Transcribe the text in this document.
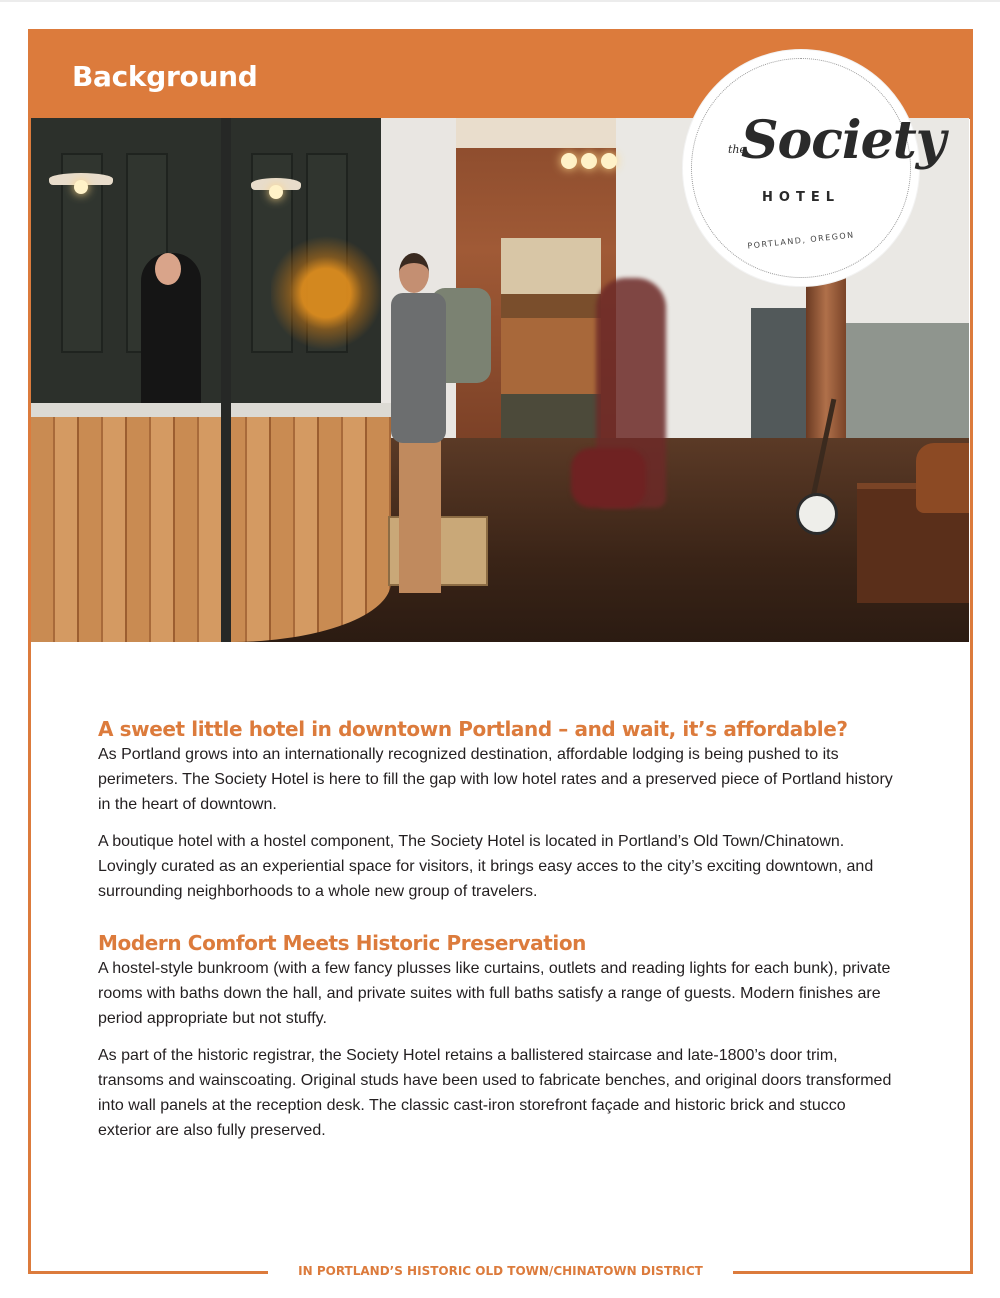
Background
the
Society
HOTEL
PORTLAND, OREGON
A sweet little hotel in downtown Portland – and wait, it’s affordable?

As Portland grows into an internationally recognized destination, affordable lodging is being pushed to its perimeters. The Society Hotel is here to fill the gap with low hotel rates and a preserved piece of Portland history in the heart of downtown.

A boutique hotel with a hostel component, The Society Hotel is located in Portland’s Old Town/Chinatown. Lovingly curated as an experiential space for visitors, it brings easy acces to the city’s exciting downtown, and surrounding neighborhoods to a whole new group of travelers.

Modern Comfort Meets Historic Preservation

A hostel-style bunkroom (with a few fancy plusses like curtains, outlets and reading lights for each bunk), private rooms with baths down the hall, and private suites with full baths satisfy a range of guests. Modern finishes are period appropriate but not stuffy.

As part of the historic registrar, the Society Hotel retains a ballistered staircase and late-1800’s door trim, transoms and wainscoating. Original studs have been used to fabricate benches, and original doors transformed into wall panels at the reception desk. The classic cast-iron storefront façade and historic brick and stucco exterior are also fully preserved.

IN PORTLAND’S HISTORIC OLD TOWN/CHINATOWN DISTRICT
